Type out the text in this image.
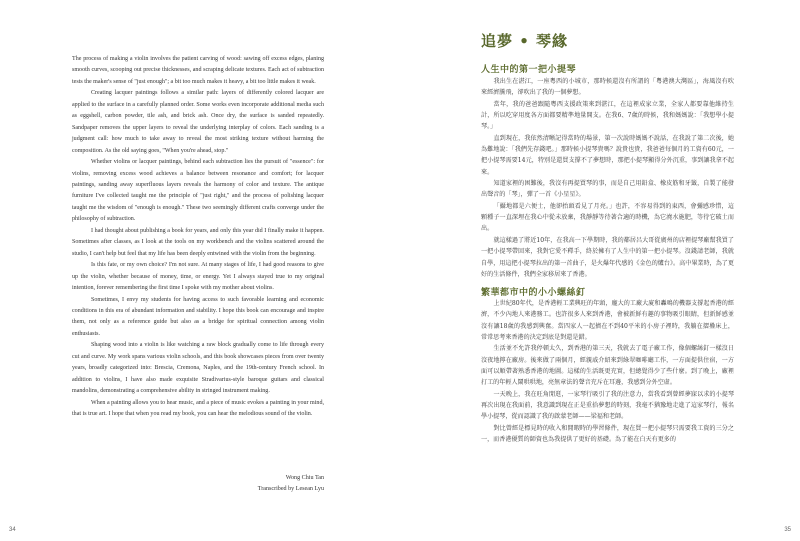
The process of making a violin involves the patient carving of wood: sawing off excess edges, planing smooth curves, scooping out precise thicknesses, and scraping delicate textures. Each act of subtraction tests the maker's sense of "just enough"; a bit too much makes it heavy, a bit too little makes it weak.

Creating lacquer paintings follows a similar path: layers of differently colored lacquer are applied to the surface in a carefully planned order. Some works even incorporate additional media such as eggshell, carbon powder, tile ash, and brick ash. Once dry, the surface is sanded repeatedly. Sandpaper removes the upper layers to reveal the underlying interplay of colors. Each sanding is a judgment call: how much to take away to reveal the most striking texture without harming the composition. As the old saying goes, "When you're ahead, stop."

Whether violins or lacquer paintings, behind each subtraction lies the pursuit of "essence": for violins, removing excess wood achieves a balance between resonance and comfort; for lacquer paintings, sanding away superfluous layers reveals the harmony of color and texture. The antique furniture I've collected taught me the principle of "just right," and the process of polishing lacquer taught me the wisdom of "enough is enough." These two seemingly different crafts converge under the philosophy of subtraction.

I had thought about publishing a book for years, and only this year did I finally make it happen. Sometimes after classes, as I look at the tools on my workbench and the violins scattered around the studio, I can't help but feel that my life has been deeply entwined with the violin from the beginning.

Is this fate, or my own choice? I'm not sure. At many stages of life, I had good reasons to give up the violin, whether because of money, time, or energy. Yet I always stayed true to my original intention, forever remembering the first time I spoke with my mother about violins.

Sometimes, I envy my students for having access to such favorable learning and economic conditions in this era of abundant information and stability. I hope this book can encourage and inspire them, not only as a reference guide but also as a bridge for spiritual connection among violin enthusiasts.

Shaping wood into a violin is like watching a raw block gradually come to life through every cut and curve. My work spans various violin schools, and this book showcases pieces from over twenty years, broadly categorized into: Brescia, Cremona, Naples, and the 19th-century French school. In addition to violins, I have also made exquisite Stradivarius-style baroque guitars and classical mandolins, demonstrating a comprehensive ability in stringed instrument making.

When a painting allows you to hear music, and a piece of music evokes a painting in your mind, that is true art. I hope that when you read my book, you can hear the melodious sound of the violin.

Wong Chiu Tan
Transcribed by Lesean Lyu
34
追夢 • 琴緣
人生中的第一把小提琴

我出生在湛江，一座粵西的小城市，那時候還沒有所謂的「粵港澳大灣區」，海風沒有吹來經濟騰飛，卻吹出了我的一個夢想。

當年，我的爸爸跟隨粵西支援政策來到湛江，在這裡成家立業，全家人都要靠他維持生計，所以吃穿用度各方面都要精準地量開支。在我6、7歲的時候，我和媽媽說：「我想學小提琴。」

直到現在，我依然清晰記得當時的場景，第一次說時媽媽不說話，在我說了第二次後，她為難地說：「我們先存錢吧。」那時候小提琴貴嗎？說貴也貴，我爸爸每個月的工資有60元，一把小提琴需要14元，特別是還買支撐不了夢想時，那把小提琴顯得分外沉重，事到讓我拿不起來。

知道家裡的困難後，我沒有再提買琴的事，而是自己用鉛盒、橡皮筋和牙籤，自製了能發出聲音的「琴」，彈了一首《小星星》。

「攝地都是六便士，他卻抬頭看見了月亮。」也許，不容易得到的東西，會彌感珍惜，這顆種子一直深埋在我心中從未放棄，我靜靜等待著合適的時機，為它澆水施肥，等待它破土而出。

就這樣過了將近10年，在我高一下學期時，我的鄰居呂大哥從廣州的店裡提琴廠幫我買了一把小提琴帶回來，我對它愛不釋手，終於擁有了人生中的第一把小提琴。沒錢請老師，我就自學，用這把小提琴拉出的第一首曲子，是火爆年代感的《金色的爐台》。高中畢業時，為了更好的生活條件，我們全家移居來了香港。

繁華都市中的小小螺絲釘

上世紀80年代，是香港輕工業興旺的年頭，龐大的工廠大廈和轟鳴的機器支撐起香港的經濟，不少內地人來港務工。也許很多人來到香港，會被新鮮有趣的事物吸引眼睛，但新鮮感並沒有讓18歲的我感到興奮。當四家人一起擠在不到40平米的小房子裡時，我躺在摺疊床上，常常思考來香港的決定到底是對還是錯。

生活並不允許我停頓太久，到香港的第三天，我就去了電子廠工作，像個螺絲釘一樣沒日沒夜地擰在廠房。後來做了兩個月，經親戚介紹來到綠翠咖啡廳工作，一方面提供住宿，一方面可以順帶著熟悉香港的地圖。這樣的生活既更充實，但總覺得少了些什麼。到了晚上，廠裡打工的年輕人鬧哄哄地，亮無章法的聲音充斥在耳邊，我感到分外空虛。

一天晚上，我在旺角閒逛，一家琴行吸引了我的注意力，當我看到曾經夢寐以求的小提琴再次出現在我面前，我意識到現在正是重拾夢想的時刻，我毫不猶豫地走進了這家琴行，報名學小提琴，從而認識了我的啟蒙老師——梁福和老師。

對比曾經是標見時的收入和閒暇時的學習條件，現在買一把小提琴只需要我工資的三分之一，而香港優質的師資也為我提供了更好的基礎。為了能在白天有更多的

35
